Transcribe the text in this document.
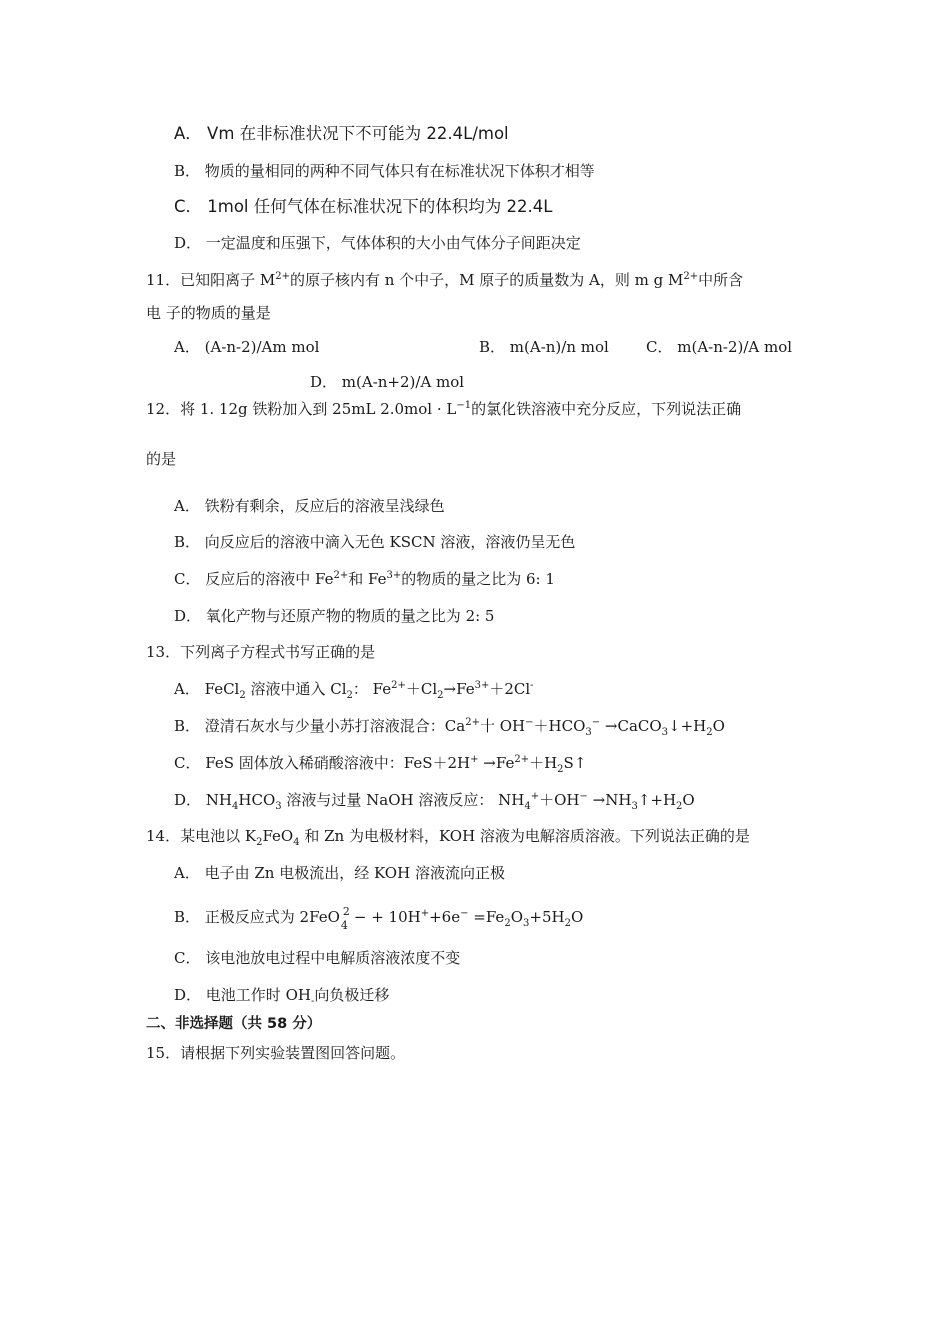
A． Vm 在非标准状况下不可能为 22.4L/mol
B． 物质的量相同的两种不同气体只有在标准状况下体积才相等
C． 1mol 任何气体在标准状况下的体积均为 22.4L
D． 一定温度和压强下，气体体积的大小由气体分子间距决定
11．已知阳离子 $M^{2+}$的原子核内有 n 个中子，M 原子的质量数为 A，则 m g $M^{2+}$中所含
电 子的物质的量是
A． (A-n-2)/Am mol	B． m(A-n)/n mol C． m(A-n-2)/A mol
D． m(A-n+2)/A mol
12．将 1. 12g 铁粉加入到 25mL $2.0mol \cdot L^{-1}$的氯化铁溶液中充分反应，下列说法正确
的是
A． 铁粉有剩余，反应后的溶液呈浅绿色
B． 向反应后的溶液中滴入无色 KSCN 溶液，溶液仍呈无色
C． 反应后的溶液中 $Fe^{2+}$和 $Fe^{3+}$的物质的量之比为 6: 1
D． 氧化产物与还原产物的物质的量之比为 2: 5
13．下列离子方程式书写正确的是
A． FeCl$_2$ 溶液中通入 $Cl_2$： $Fe^{2+}+Cl_2\to Fe^{3+}+2Cl^-$
B． 澄清石灰水与少量小苏打溶液混合：$Ca^{2+}$十 $OH^-+HCO_3^-$ $\to CaCO_3↓+H_2O$
C． FeS 固体放入稀硝酸溶液中：$FeS+2H^+ \to Fe^{2+}+H_2S↑$
D． $NH_4HCO_3$ 溶液与过量 NaOH 溶液反应： $NH_4^++OH^-$ $\to NH_3↑+H_2O$
14．某电池以 $K_2FeO_4$ 和 Zn 为电极材料，KOH 溶液为电解溶质溶液。下列说法正确的是
A． 电子由 Zn 电极流出，经 KOH 溶液流向正极
B． 正极反应式为 2FeO 2
4 − + $10H^++6e^- =Fe_2O_3+5H_2O$
C． 该电池放电过程中电解质溶液浓度不变
D． 电池工作时 $OH_-$向负极迁移
二、非选择题（共 58 分）
15．请根据下列实验装置图回答问题。
